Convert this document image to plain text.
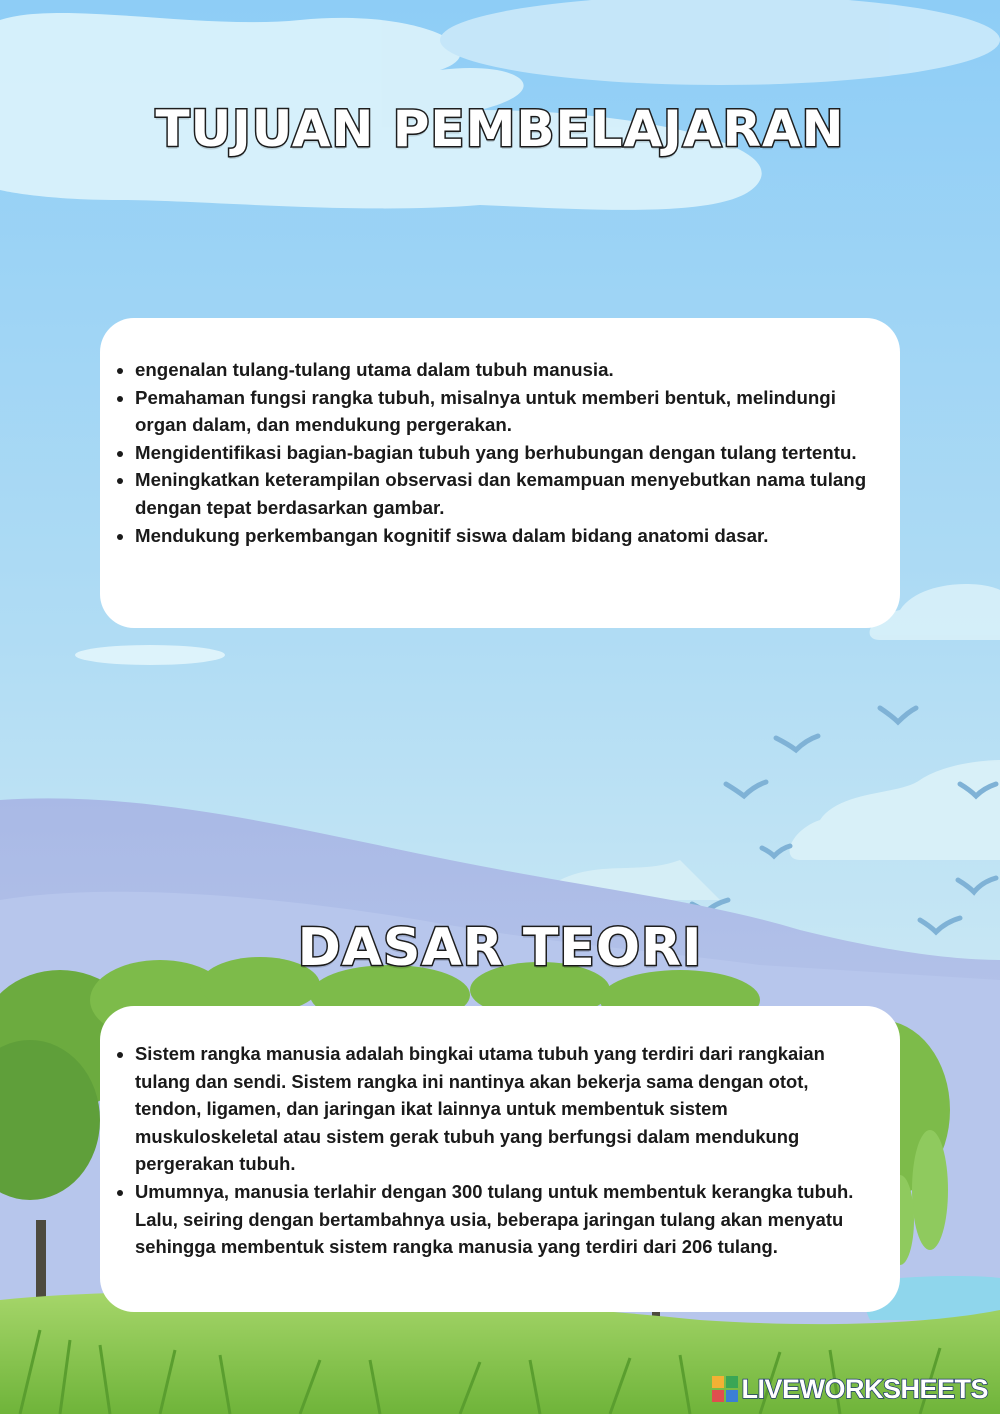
TUJUAN PEMBELAJARAN
• engenalan tulang-tulang utama dalam tubuh manusia.
• Pemahaman fungsi rangka tubuh, misalnya untuk memberi bentuk, melindungi organ dalam, dan mendukung pergerakan.
• Mengidentifikasi bagian-bagian tubuh yang berhubungan dengan tulang tertentu.
• Meningkatkan keterampilan observasi dan kemampuan menyebutkan nama tulang dengan tepat berdasarkan gambar.
• Mendukung perkembangan kognitif siswa dalam bidang anatomi dasar.
DASAR TEORI
• Sistem rangka manusia adalah bingkai utama tubuh yang terdiri dari rangkaian tulang dan sendi. Sistem rangka ini nantinya akan bekerja sama dengan otot, tendon, ligamen, dan jaringan ikat lainnya untuk membentuk sistem muskuloskeletal atau sistem gerak tubuh yang berfungsi dalam mendukung pergerakan tubuh.
• Umumnya, manusia terlahir dengan 300 tulang untuk membentuk kerangka tubuh. Lalu, seiring dengan bertambahnya usia, beberapa jaringan tulang akan menyatu sehingga membentuk sistem rangka manusia yang terdiri dari 206 tulang.
LIVEWORKSHEETS
